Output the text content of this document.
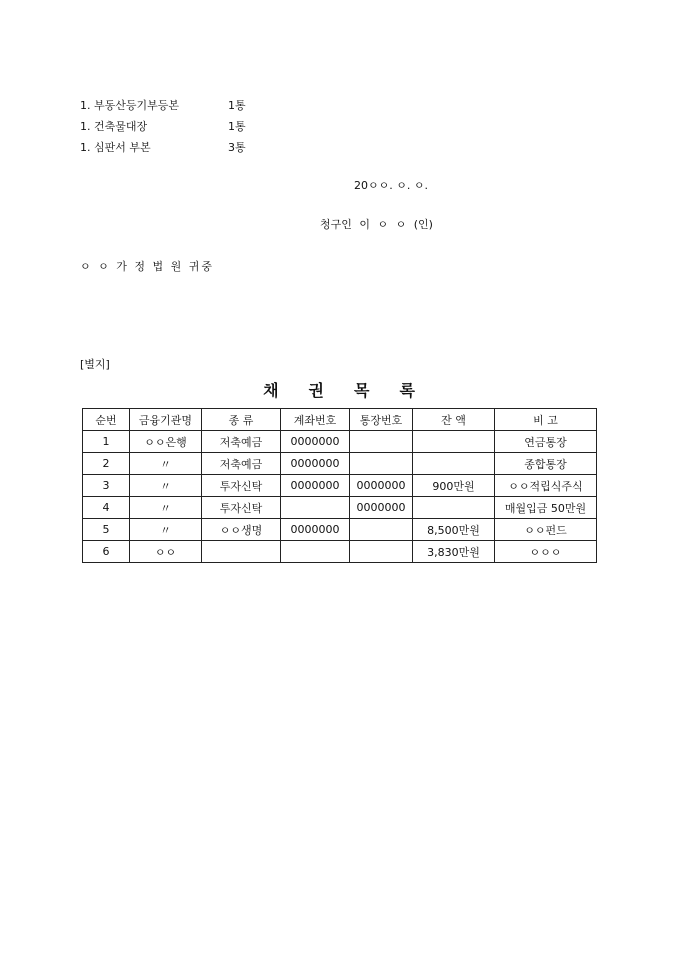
1. 부동산등기부등본	1통
1. 건축물대장	1통
1. 심판서 부본	3통
20ㅇㅇ. ㅇ. ㅇ.
청구인 이 ㅇ ㅇ (인)
ㅇ ㅇ 가 정 법 원 귀중
[별지]
채권목록
순번	금융기관명	종 류	계좌번호	통장번호	잔 액	비 고
1	ㅇㅇ은행	저축예금	0000000			연금통장
2	〃	저축예금	0000000			종합통장
3	〃	투자신탁	0000000	0000000	900만원	ㅇㅇ적립식주식
4	〃	투자신탁		0000000		매월입금 50만원
5	〃	ㅇㅇ생명	0000000		8,500만원	ㅇㅇ펀드
6	ㅇㅇ				3,830만원	ㅇㅇㅇ
